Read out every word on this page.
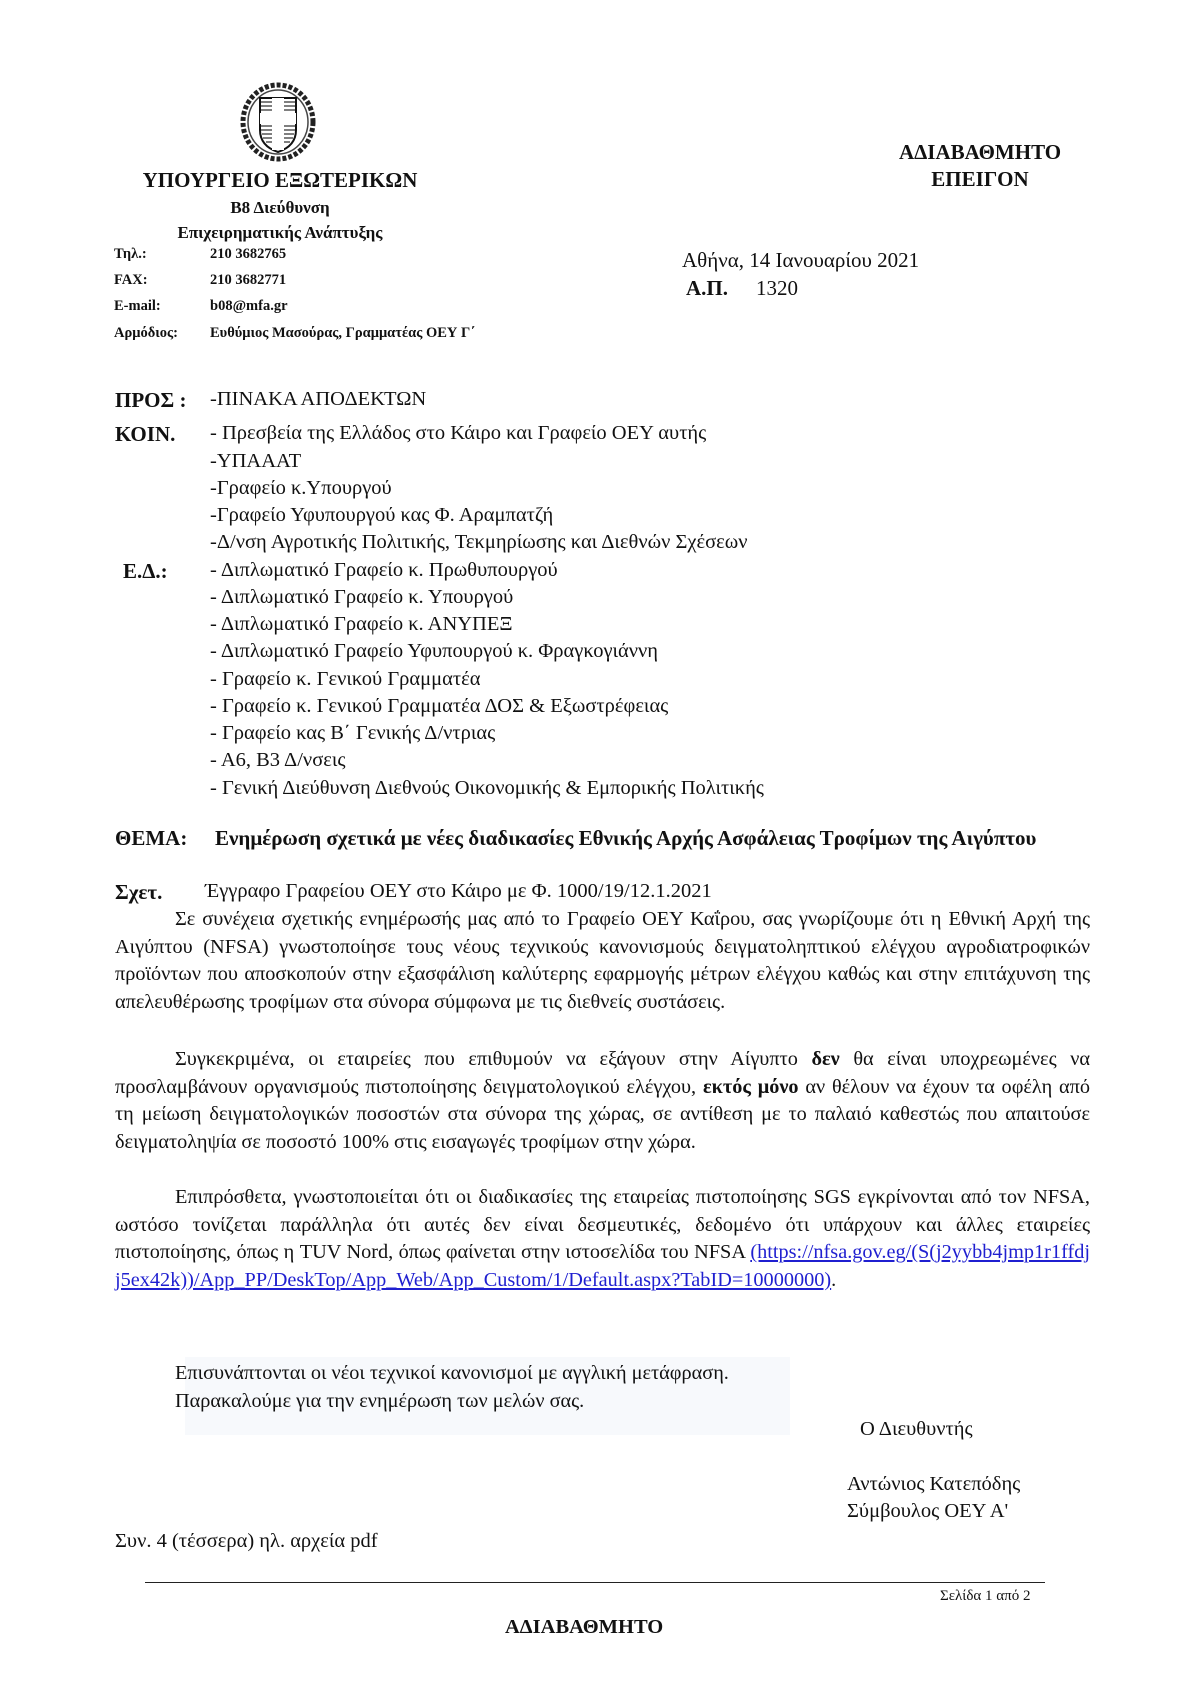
ΥΠΟΥΡΓΕΙΟ ΕΞΩΤΕΡΙΚΩΝ
Β8 Διεύθυνση
Επιχειρηματικής Ανάπτυξης
Τηλ.:	210 3682765
FAX:	210 3682771
E-mail:	b08@mfa.gr
Αρμόδιος: Ευθύμιος Μασούρας, Γραμματέας ΟΕΥ Γ΄
ΑΔΙΑΒΑΘΜΗΤΟ
ΕΠΕΙΓΟΝ
Αθήνα, 14 Ιανουαρίου 2021
Α.Π. 1320
ΠΡΟΣ : -ΠΙΝΑΚΑ ΑΠΟΔΕΚΤΩΝ
ΚΟΙΝ. - Πρεσβεία της Ελλάδος στο Κάιρο και Γραφείο ΟΕΥ αυτής
-ΥΠΑΑΑΤ
-Γραφείο κ.Υπουργού
-Γραφείο Υφυπουργού κας Φ. Αραμπατζή
-Δ/νση Αγροτικής Πολιτικής, Τεκμηρίωσης και Διεθνών Σχέσεων
Ε.Δ.: - Διπλωματικό Γραφείο κ. Πρωθυπουργού
- Διπλωματικό Γραφείο κ. Υπουργού
- Διπλωματικό Γραφείο κ. ΑΝΥΠΕΞ
- Διπλωματικό Γραφείο Υφυπουργού κ. Φραγκογιάννη
- Γραφείο κ. Γενικού Γραμματέα
- Γραφείο κ. Γενικού Γραμματέα ΔΟΣ & Εξωστρέφειας
- Γραφείο κας Β΄ Γενικής Δ/ντριας
- Α6, Β3 Δ/νσεις
- Γενική Διεύθυνση Διεθνούς Οικονομικής & Εμπορικής Πολιτικής
ΘΕΜΑ: Ενημέρωση σχετικά με νέες διαδικασίες Εθνικής Αρχής Ασφάλειας Τροφίμων της Αιγύπτου
Σχετ. Έγγραφο Γραφείου ΟΕΥ στο Κάιρο με Φ. 1000/19/12.1.2021
Σε συνέχεια σχετικής ενημέρωσής μας από το Γραφείο ΟΕΥ Καΐρου, σας γνωρίζουμε ότι η Εθνική Αρχή της Αιγύπτου (NFSA) γνωστοποίησε τους νέους τεχνικούς κανονισμούς δειγματοληπτικού ελέγχου αγροδιατροφικών προϊόντων που αποσκοπούν στην εξασφάλιση καλύτερης εφαρμογής μέτρων ελέγχου καθώς και στην επιτάχυνση της απελευθέρωσης τροφίμων στα σύνορα σύμφωνα με τις διεθνείς συστάσεις.
Συγκεκριμένα, οι εταιρείες που επιθυμούν να εξάγουν στην Αίγυπτο δεν θα είναι υποχρεωμένες να προσλαμβάνουν οργανισμούς πιστοποίησης δειγματολογικού ελέγχου, εκτός μόνο αν θέλουν να έχουν τα οφέλη από τη μείωση δειγματολογικών ποσοστών στα σύνορα της χώρας, σε αντίθεση με το παλαιό καθεστώς που απαιτούσε δειγματοληψία σε ποσοστό 100% στις εισαγωγές τροφίμων στην χώρα.
Επιπρόσθετα, γνωστοποιείται ότι οι διαδικασίες της εταιρείας πιστοποίησης SGS εγκρίνονται από τον NFSA, ωστόσο τονίζεται παράλληλα ότι αυτές δεν είναι δεσμευτικές, δεδομένο ότι υπάρχουν και άλλες εταιρείες πιστοποίησης, όπως η TUV Nord, όπως φαίνεται στην ιστοσελίδα του NFSA (https://nfsa.gov.eg/(S(j2yybb4jmp1r1ffdjj5ex42k))/App_PP/DeskTop/App_Web/App_Custom/1/Default.aspx?TabID=10000000).
Επισυνάπτονται οι νέοι τεχνικοί κανονισμοί με αγγλική μετάφραση.
Παρακαλούμε για την ενημέρωση των μελών σας.
Ο Διευθυντής
Αντώνιος Κατεπόδης
Σύμβουλος ΟΕΥ Α'
Συν. 4 (τέσσερα) ηλ. αρχεία pdf
Σελίδα 1 από 2
ΑΔΙΑΒΑΘΜΗΤΟ
